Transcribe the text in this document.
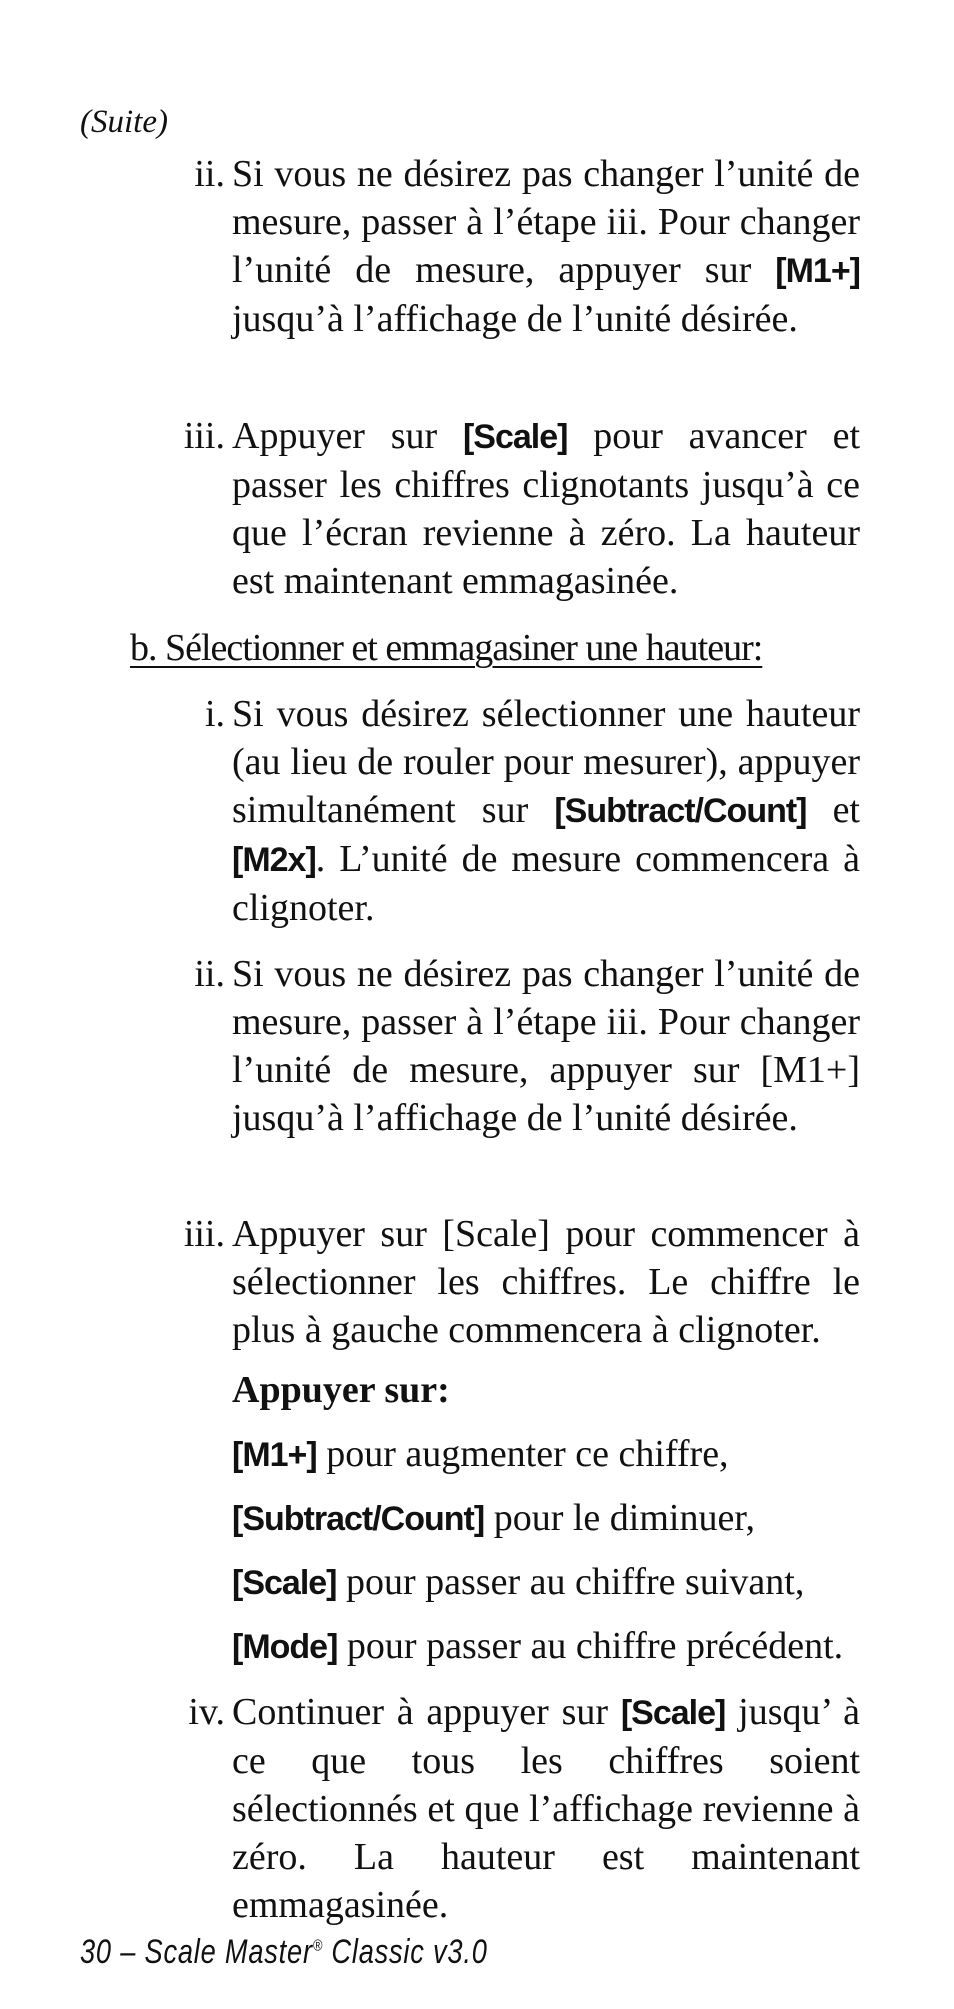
(Suite)
ii. Si vous ne désirez pas changer l’unité de mesure, passer à l’étape iii. Pour changer l’unité de mesure, appuyer sur [M1+] jusqu’à l’affichage de l’unité désirée.
iii. Appuyer sur [Scale] pour avancer et passer les chiffres clignotants jusqu’à ce que l’écran revienne à zéro. La hauteur est maintenant emmagasinée.
b. Sélectionner et emmagasiner une hauteur:
i. Si vous désirez sélectionner une hauteur (au lieu de rouler pour mesurer), appuyer simultanément sur [Subtract/Count] et [M2x]. L’unité de mesure commencera à clignoter.
ii. Si vous ne désirez pas changer l’unité de mesure, passer à l’étape iii. Pour changer l’unité de mesure, appuyer sur [M1+] jusqu’à l’affichage de l’unité désirée.
iii. Appuyer sur [Scale] pour commencer à sélectionner les chiffres. Le chiffre le plus à gauche commencera à clignoter.
Appuyer sur:
[M1+] pour augmenter ce chiffre,
[Subtract/Count] pour le diminuer,
[Scale] pour passer au chiffre suivant,
[Mode] pour passer au chiffre précédent.
iv. Continuer à appuyer sur [Scale] jusqu’ à ce que tous les chiffres soient sélectionnés et que l’affichage revienne à zéro. La hauteur est maintenant emmagasinée.
30 – Scale Master® Classic v3.0
